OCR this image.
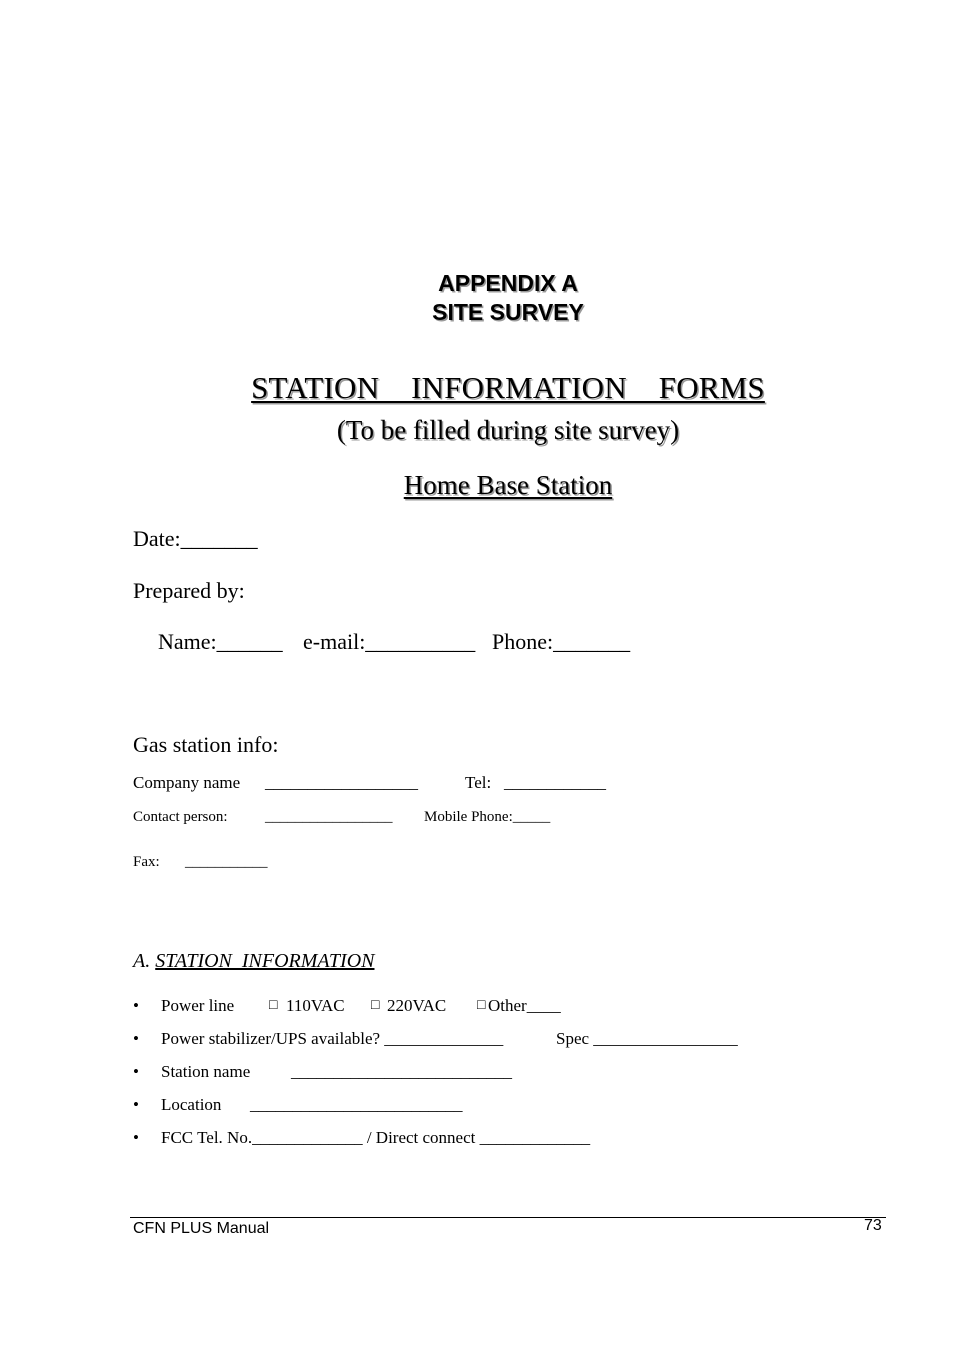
APPENDIX A
SITE SURVEY
STATION  INFORMATION  FORMS
(To be filled during site survey)
Home Base Station
Date:_______
Prepared by:
Name:______ e-mail:__________ Phone:_______
Gas station info:
Company name __________________	Tel: ____________
Contact person: _________________ Mobile Phone:_____
Fax: ___________
A. STATION  INFORMATION
• Power line □ 110VAC □ 220VAC □ Other____
• Power stabilizer/UPS available? ______________	Spec _________________
• Station name __________________________
• Location _________________________
• FCC Tel. No._____________ / Direct connect _____________
CFN PLUS Manual	73
